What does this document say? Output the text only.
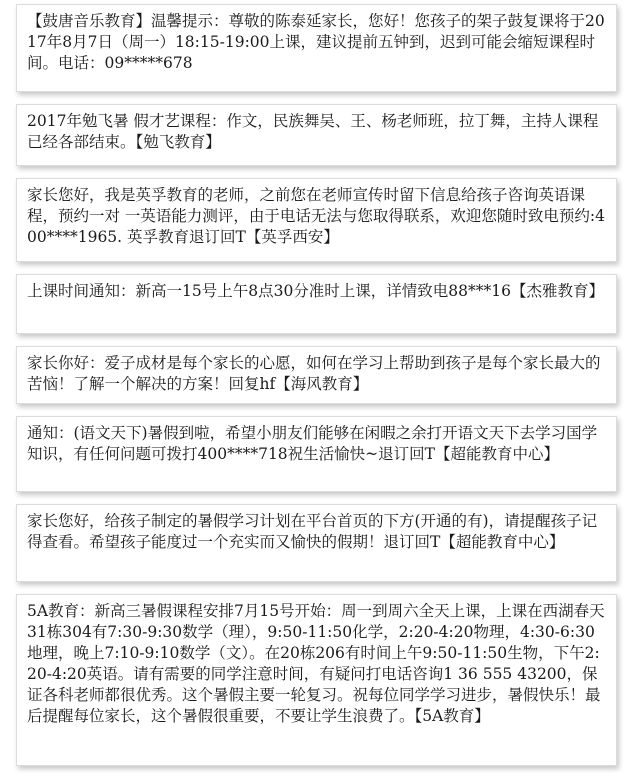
【鼓唐音乐教育】温馨提示：尊敬的陈泰延家长，您好！您孩子的架子鼓复课将于2017年8月7日（周一）18:15-19:00上课，建议提前五钟到，迟到可能会缩短课程时间。电话：09*****678
2017年勉飞暑 假才艺课程：作文，民族舞吴、王、杨老师班，拉丁舞，主持人课程已经各部结束。【勉飞教育】
家长您好，我是英孚教育的老师，之前您在老师宣传时留下信息给孩子咨询英语课程，预约一对 一英语能力测评，由于电话无法与您取得联系，欢迎您随时致电预约:400****1965. 英孚教育退订回T【英孚西安】
上课时间通知：新高一15号上午8点30分准时上课，详情致电88***16【杰雅教育】
家长你好：爱子成材是每个家长的心愿，如何在学习上帮助到孩子是每个家长最大的苦恼！了解一个解决的方案！回复hf【海风教育】
通知：(语文天下)暑假到啦，希望小朋友们能够在闲暇之余打开语文天下去学习国学知识，有任何问题可拨打400****718祝生活愉快~退订回T【超能教育中心】
家长您好，给孩子制定的暑假学习计划在平台首页的下方(开通的有)，请提醒孩子记得查看。希望孩子能度过一个充实而又愉快的假期！退订回T【超能教育中心】
5A教育：新高三暑假课程安排7月15号开始：周一到周六全天上课，上课在西湖春天31栋304有7:30-9:30数学（理），9:50-11:50化学，2:20-4:20物理，4:30-6:30地理，晚上7:10-9:10数学（文）。在20栋206有时间上午9:50-11:50生物，下午2:20-4:20英语。请有需要的同学注意时间，有疑问打电话咨询1 36 555 43200，保证各科老师都很优秀。这个暑假主要一轮复习。祝每位同学学习进步，暑假快乐！最后提醒每位家长，这个暑假很重要，不要让学生浪费了。【5A教育】
